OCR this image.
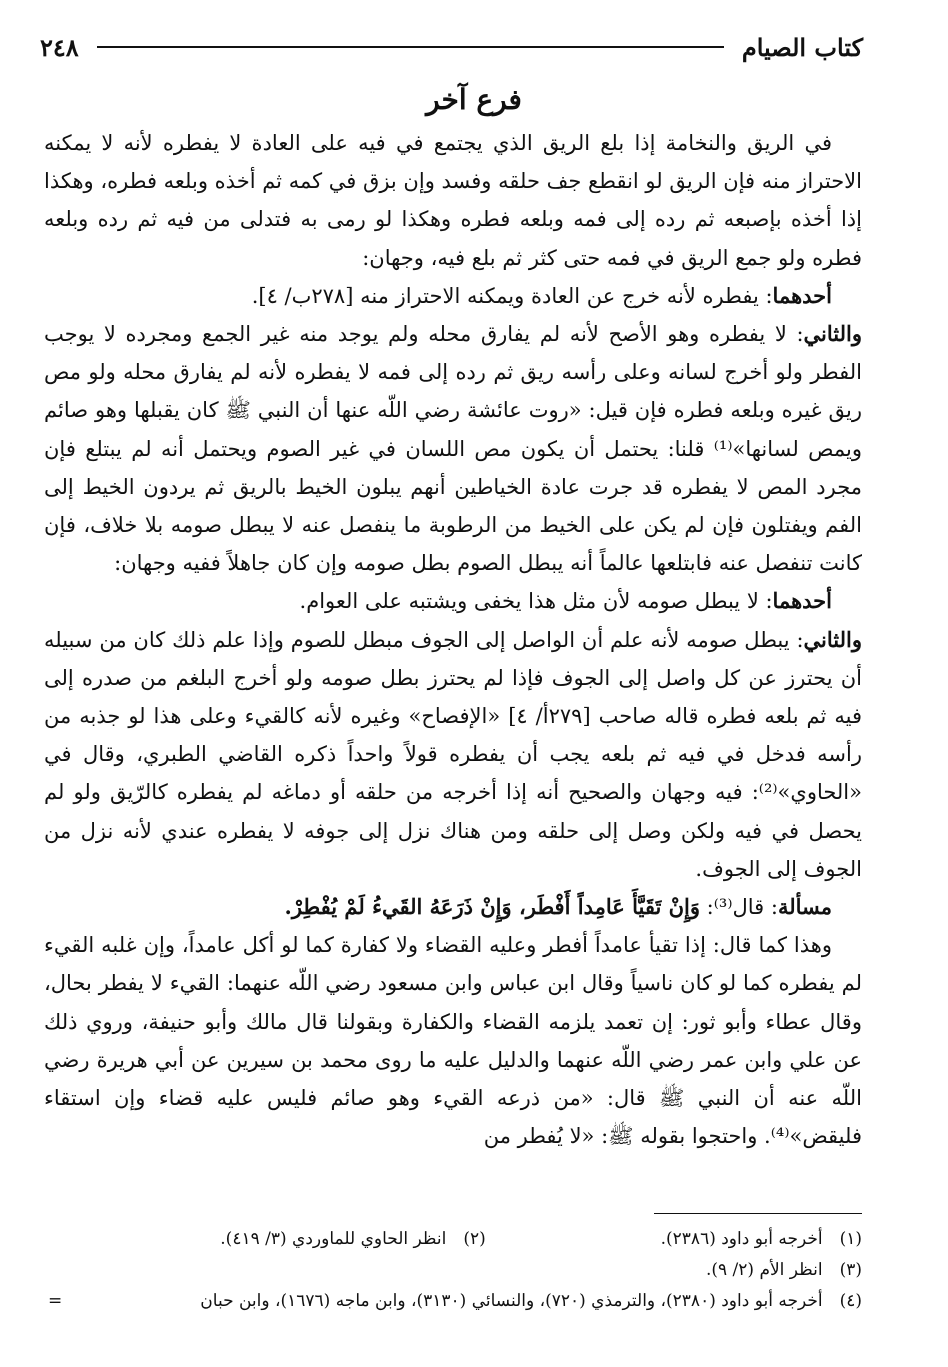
كتاب الصيام
٢٤٨
فرع آخر

في الريق والنخامة إذا بلع الريق الذي يجتمع في فيه على العادة لا يفطره لأنه لا يمكنه الاحتراز منه فإن الريق لو انقطع جف حلقه وفسد وإن بزق في كمه ثم أخذه وبلعه فطره، وهكذا إذا أخذه بإصبعه ثم رده إلى فمه وبلعه فطره وهكذا لو رمى به فتدلى من فيه ثم رده وبلعه فطره ولو جمع الريق في فمه حتى كثر ثم بلع فيه، وجهان:

أحدهما: يفطره لأنه خرج عن العادة ويمكنه الاحتراز منه [٢٧٨ب/ ٤].

والثاني: لا يفطره وهو الأصح لأنه لم يفارق محله ولم يوجد منه غير الجمع ومجرده لا يوجب الفطر ولو أخرج لسانه وعلى رأسه ريق ثم رده إلى فمه لا يفطره لأنه لم يفارق محله ولو مص ريق غيره وبلعه فطره فإن قيل: «روت عائشة رضي اللّه عنها أن النبي ﷺ كان يقبلها وهو صائم ويمص لسانها»⁽¹⁾ قلنا: يحتمل أن يكون مص اللسان في غير الصوم ويحتمل أنه لم يبتلع فإن مجرد المص لا يفطره قد جرت عادة الخياطين أنهم يبلون الخيط بالريق ثم يردون الخيط إلى الفم ويفتلون فإن لم يكن على الخيط من الرطوبة ما ينفصل عنه لا يبطل صومه بلا خلاف، فإن كانت تنفصل عنه فابتلعها عالماً أنه يبطل الصوم بطل صومه وإن كان جاهلاً ففيه وجهان:

أحدهما: لا يبطل صومه لأن مثل هذا يخفى ويشتبه على العوام.

والثاني: يبطل صومه لأنه علم أن الواصل إلى الجوف مبطل للصوم وإذا علم ذلك كان من سبيله أن يحترز عن كل واصل إلى الجوف فإذا لم يحترز بطل صومه ولو أخرج البلغم من صدره إلى فيه ثم بلعه فطره قاله صاحب [٢٧٩أ/ ٤] «الإفصاح» وغيره لأنه كالقيء وعلى هذا لو جذبه من رأسه فدخل في فيه ثم بلعه يجب أن يفطره قولاً واحداً ذكره القاضي الطبري، وقال في «الحاوي»⁽²⁾: فيه وجهان والصحيح أنه إذا أخرجه من حلقه أو دماغه لم يفطره كالرّيق ولو لم يحصل في فيه ولكن وصل إلى حلقه ومن هناك نزل إلى جوفه لا يفطره عندي لأنه نزل من الجوف إلى الجوف.

مسألة: قال⁽³⁾: وَإِنْ تَقَيَّأَ عَامِداً أَفْطَر، وَإِنْ ذَرَعَهُ القَيءُ لَمْ يُفْطِرْ.

وهذا كما قال: إذا تقيأ عامداً أفطر وعليه القضاء ولا كفارة كما لو أكل عامداً، وإن غلبه القيء لم يفطره كما لو كان ناسياً وقال ابن عباس وابن مسعود رضي اللّه عنهما: القيء لا يفطر بحال، وقال عطاء وأبو ثور: إن تعمد يلزمه القضاء والكفارة وبقولنا قال مالك وأبو حنيفة، وروي ذلك عن علي وابن عمر رضي اللّه عنهما والدليل عليه ما روى محمد بن سيرين عن أبي هريرة رضي اللّه عنه أن النبي ﷺ قال: «من ذرعه القيء وهو صائم فليس عليه قضاء وإن استقاء فليقض»⁽⁴⁾. واحتجوا بقوله ﷺ: «لا يُفطر من

(١) أخرجه أبو داود (٢٣٨٦).
(٢) انظر الحاوي للماوردي (٣/ ٤١٩).
(٣) انظر الأم (٢/ ٩).
(٤) أخرجه أبو داود (٢٣٨٠)، والترمذي (٧٢٠)، والنسائي (٣١٣٠)، وابن ماجه (١٦٧٦)، وابن حبان
=
